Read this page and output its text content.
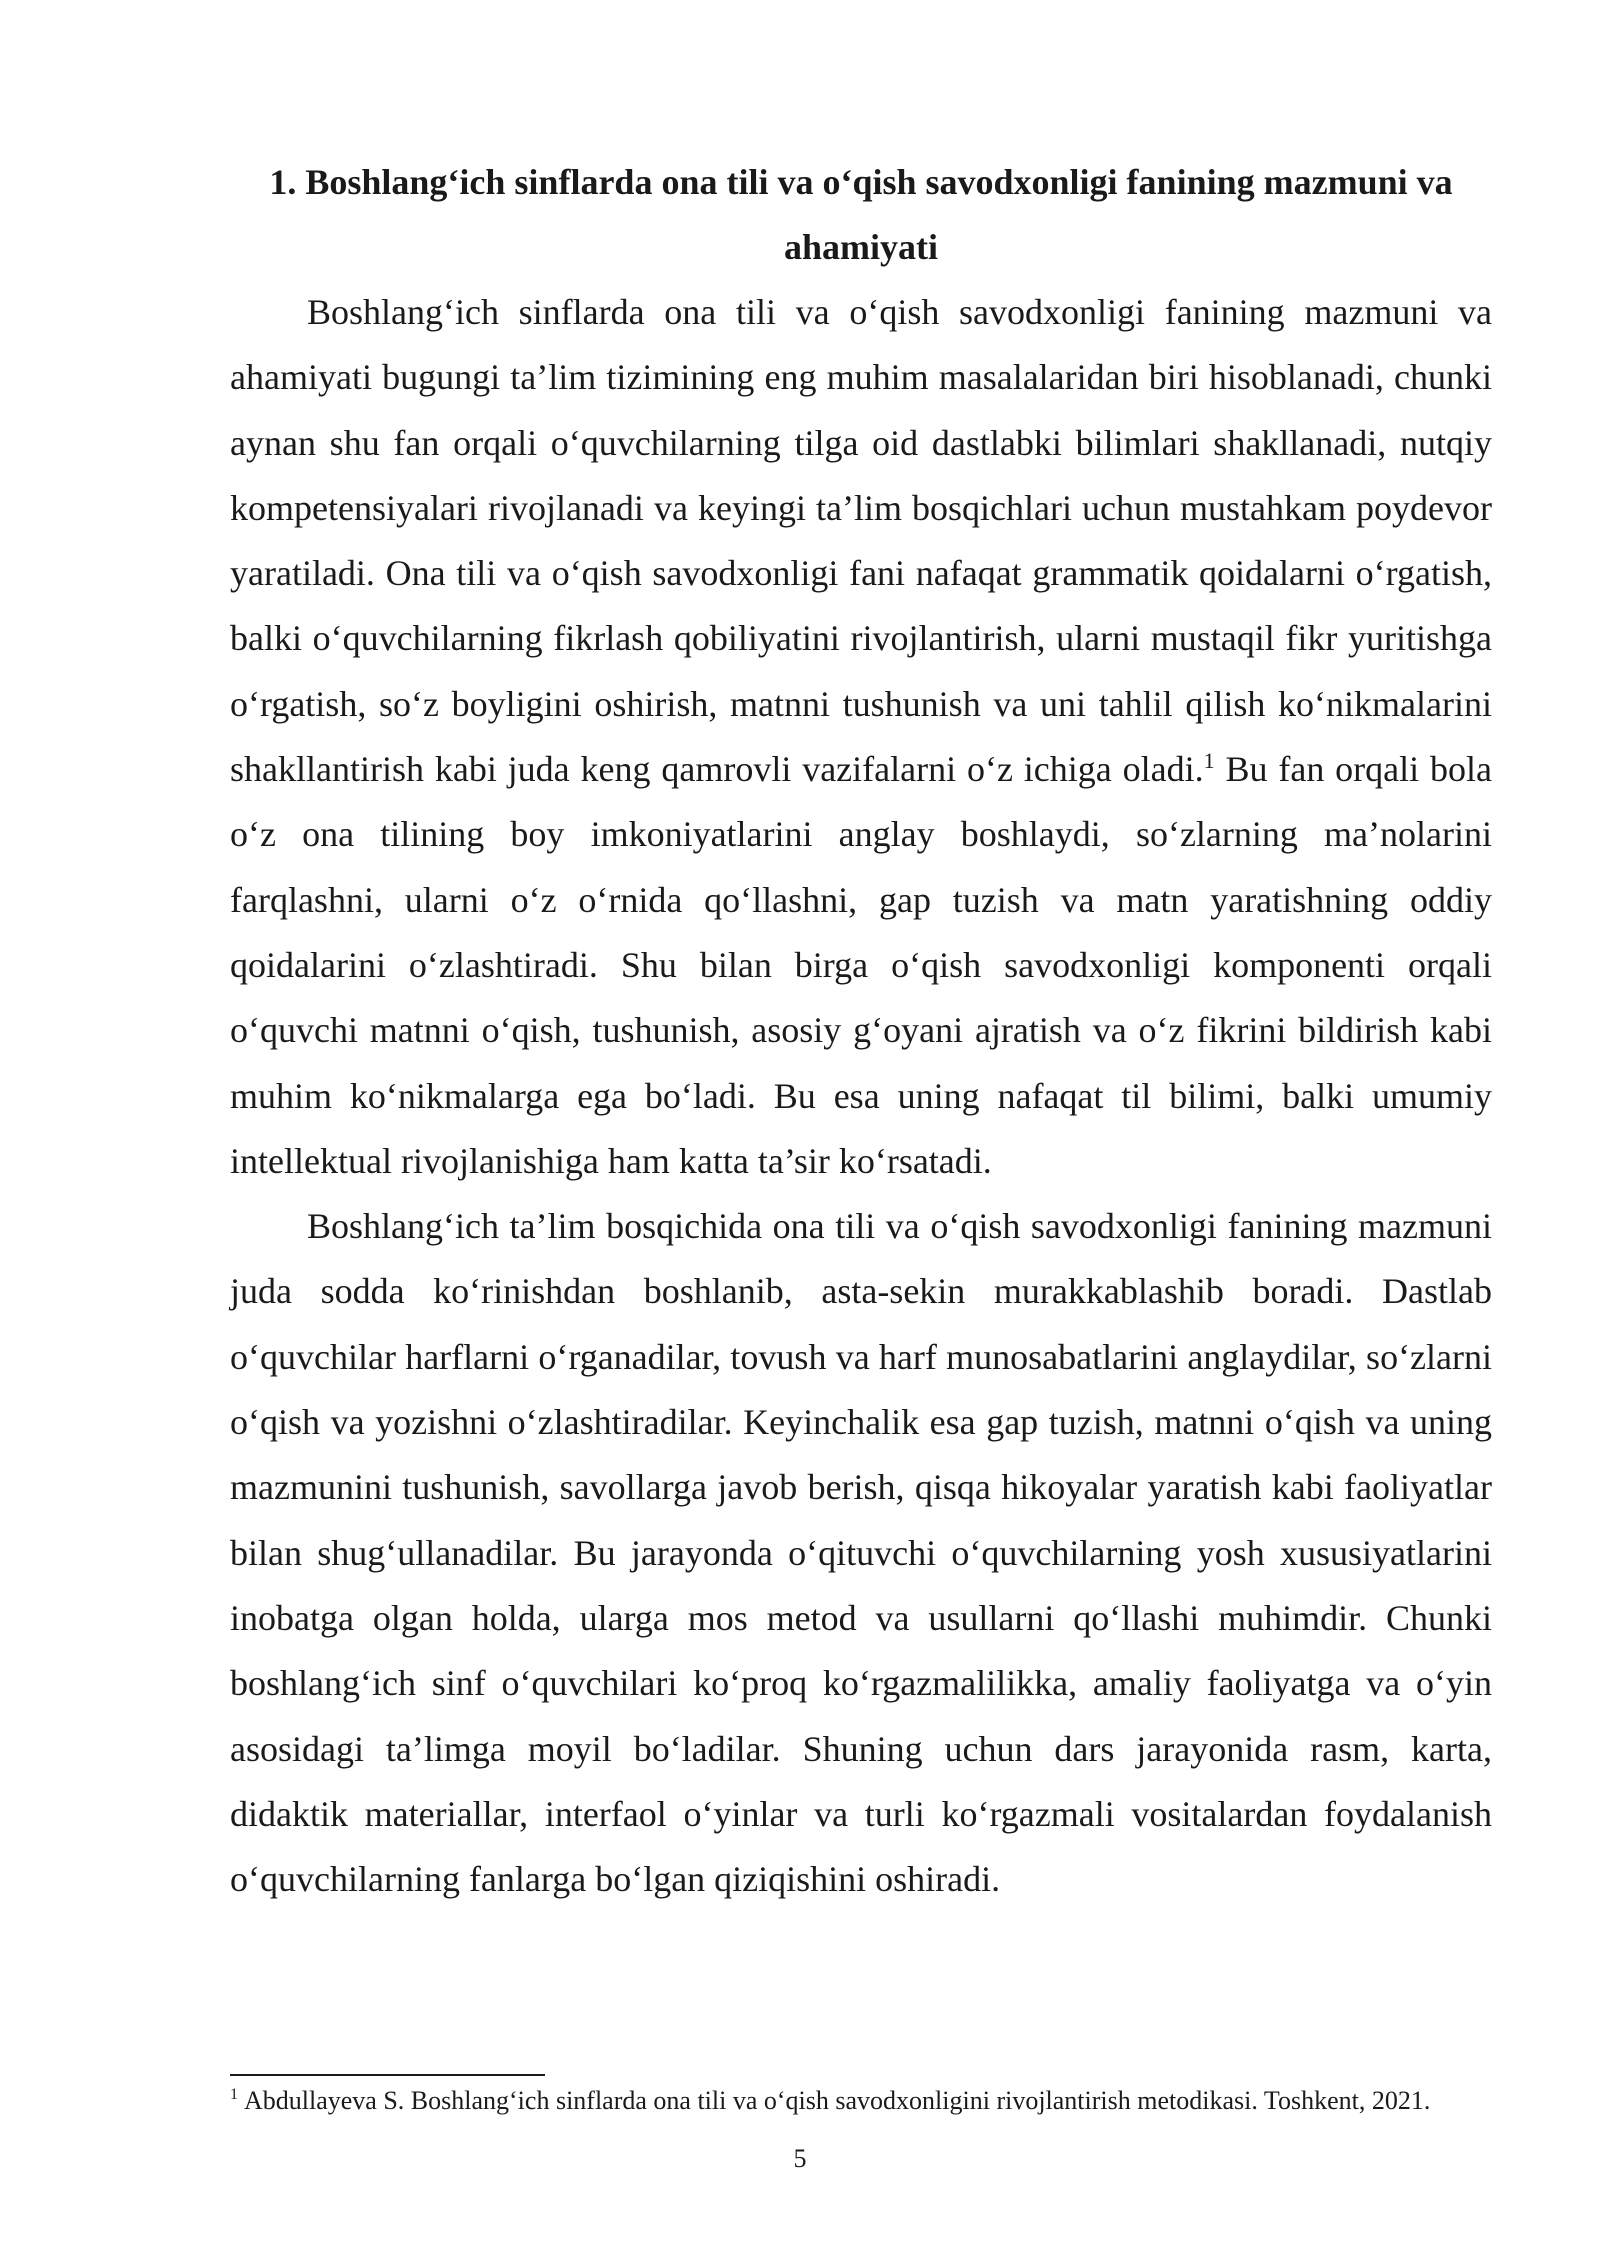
1. Boshlang‘ich sinflarda ona tili va o‘qish savodxonligi fanining mazmuni va ahamiyati

Boshlang‘ich sinflarda ona tili va o‘qish savodxonligi fanining mazmuni va ahamiyati bugungi ta’lim tizimining eng muhim masalalaridan biri hisoblanadi, chunki aynan shu fan orqali o‘quvchilarning tilga oid dastlabki bilimlari shakllanadi, nutqiy kompetensiyalari rivojlanadi va keyingi ta’lim bosqichlari uchun mustahkam poydevor yaratiladi. Ona tili va o‘qish savodxonligi fani nafaqat grammatik qoidalarni o‘rgatish, balki o‘quvchilarning fikrlash qobiliyatini rivojlantirish, ularni mustaqil fikr yuritishga o‘rgatish, so‘z boyligini oshirish, matnni tushunish va uni tahlil qilish ko‘nikmalarini shakllantirish kabi juda keng qamrovli vazifalarni o‘z ichiga oladi.$^1$ Bu fan orqali bola o‘z ona tilining boy imkoniyatlarini anglay boshlaydi, so‘zlarning ma’nolarini farqlashni, ularni o‘z o‘rnida qo‘llashni, gap tuzish va matn yaratishning oddiy qoidalarini o‘zlashtiradi. Shu bilan birga o‘qish savodxonligi komponenti orqali o‘quvchi matnni o‘qish, tushunish, asosiy g‘oyani ajratish va o‘z fikrini bildirish kabi muhim ko‘nikmalarga ega bo‘ladi. Bu esa uning nafaqat til bilimi, balki umumiy intellektual rivojlanishiga ham katta ta’sir ko‘rsatadi.

Boshlang‘ich ta’lim bosqichida ona tili va o‘qish savodxonligi fanining mazmuni juda sodda ko‘rinishdan boshlanib, asta-sekin murakkablashib boradi. Dastlab o‘quvchilar harflarni o‘rganadilar, tovush va harf munosabatlarini anglaydilar, so‘zlarni o‘qish va yozishni o‘zlashtiradilar. Keyinchalik esa gap tuzish, matnni o‘qish va uning mazmunini tushunish, savollarga javob berish, qisqa hikoyalar yaratish kabi faoliyatlar bilan shug‘ullanadilar. Bu jarayonda o‘qituvchi o‘quvchilarning yosh xususiyatlarini inobatga olgan holda, ularga mos metod va usullarni qo‘llashi muhimdir. Chunki boshlang‘ich sinf o‘quvchilari ko‘proq ko‘rgazmalilikka, amaliy faoliyatga va o‘yin asosidagi ta’limga moyil bo‘ladilar. Shuning uchun dars jarayonida rasm, karta, didaktik materiallar, interfaol o‘yinlar va turli ko‘rgazmali vositalardan foydalanish o‘quvchilarning fanlarga bo‘lgan qiziqishini oshiradi.

$^1$ Abdullayeva S. Boshlang‘ich sinflarda ona tili va o‘qish savodxonligini rivojlantirish metodikasi. Toshkent, 2021.
5
